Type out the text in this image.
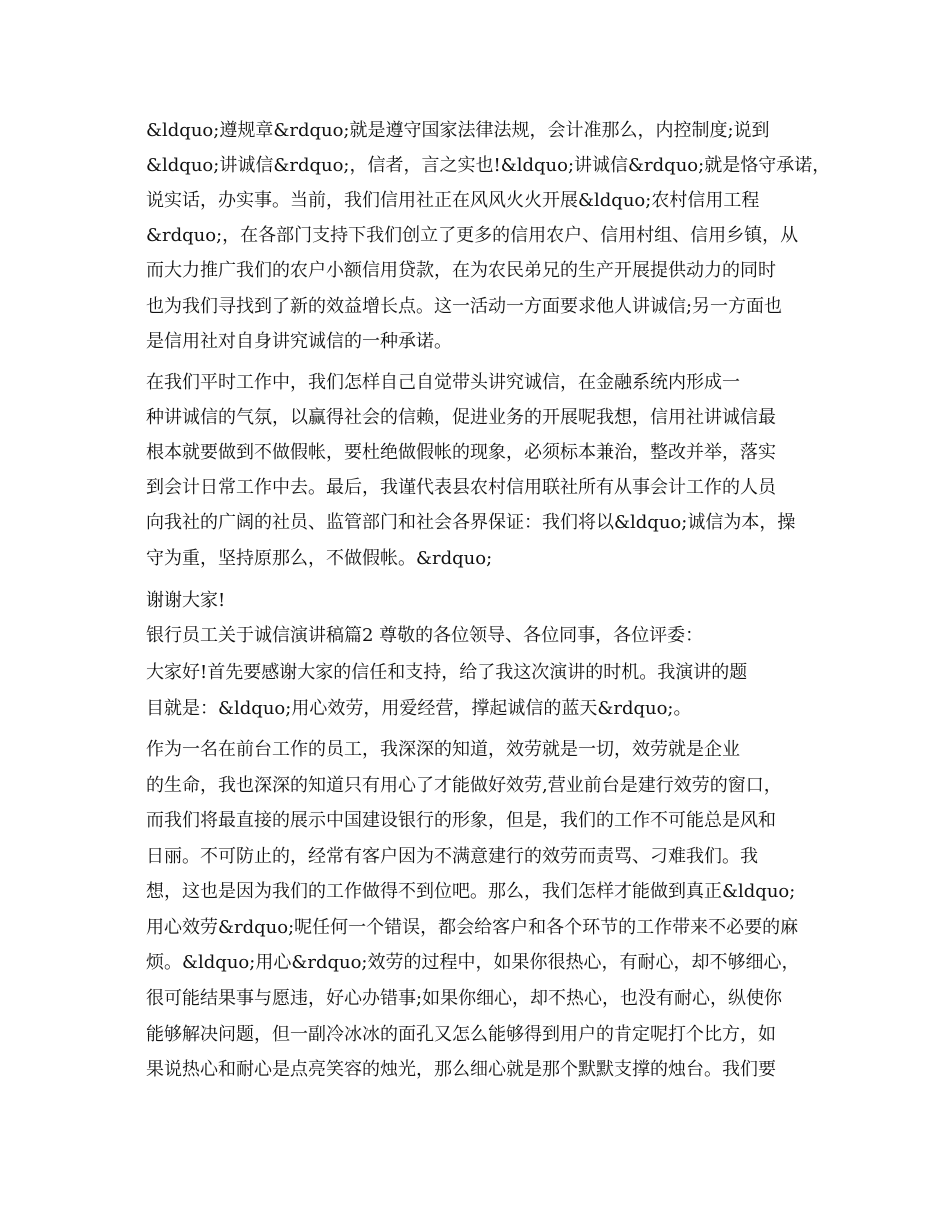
&ldquo;遵规章&rdquo;就是遵守国家法律法规，会计准那么，内控制度;说到
&ldquo;讲诚信&rdquo;，信者，言之实也!&ldquo;讲诚信&rdquo;就是恪守承诺，
说实话，办实事。当前，我们信用社正在风风火火开展&ldquo;农村信用工程
&rdquo;，在各部门支持下我们创立了更多的信用农户、信用村组、信用乡镇，从
而大力推广我们的农户小额信用贷款，在为农民弟兄的生产开展提供动力的同时
也为我们寻找到了新的效益增长点。这一活动一方面要求他人讲诚信;另一方面也
是信用社对自身讲究诚信的一种承诺。
在我们平时工作中，我们怎样自己自觉带头讲究诚信，在金融系统内形成一
种讲诚信的气氛，以赢得社会的信赖，促进业务的开展呢我想，信用社讲诚信最
根本就要做到不做假帐，要杜绝做假帐的现象，必须标本兼治，整改并举，落实
到会计日常工作中去。最后，我谨代表县农村信用联社所有从事会计工作的人员
向我社的广阔的社员、监管部门和社会各界保证：我们将以&ldquo;诚信为本，操
守为重，坚持原那么，不做假帐。&rdquo;
谢谢大家!
银行员工关于诚信演讲稿篇2 尊敬的各位领导、各位同事，各位评委：
大家好!首先要感谢大家的信任和支持，给了我这次演讲的时机。我演讲的题
目就是：&ldquo;用心效劳，用爱经营，撑起诚信的蓝天&rdquo;。
作为一名在前台工作的员工，我深深的知道，效劳就是一切，效劳就是企业
的生命，我也深深的知道只有用心了才能做好效劳,营业前台是建行效劳的窗口，
而我们将最直接的展示中国建设银行的形象，但是，我们的工作不可能总是风和
日丽。不可防止的，经常有客户因为不满意建行的效劳而责骂、刁难我们。我
想，这也是因为我们的工作做得不到位吧。那么，我们怎样才能做到真正&ldquo;
用心效劳&rdquo;呢任何一个错误，都会给客户和各个环节的工作带来不必要的麻
烦。&ldquo;用心&rdquo;效劳的过程中，如果你很热心，有耐心，却不够细心，
很可能结果事与愿违，好心办错事;如果你细心，却不热心，也没有耐心，纵使你
能够解决问题，但一副冷冰冰的面孔又怎么能够得到用户的肯定呢打个比方，如
果说热心和耐心是点亮笑容的烛光，那么细心就是那个默默支撑的烛台。我们要
